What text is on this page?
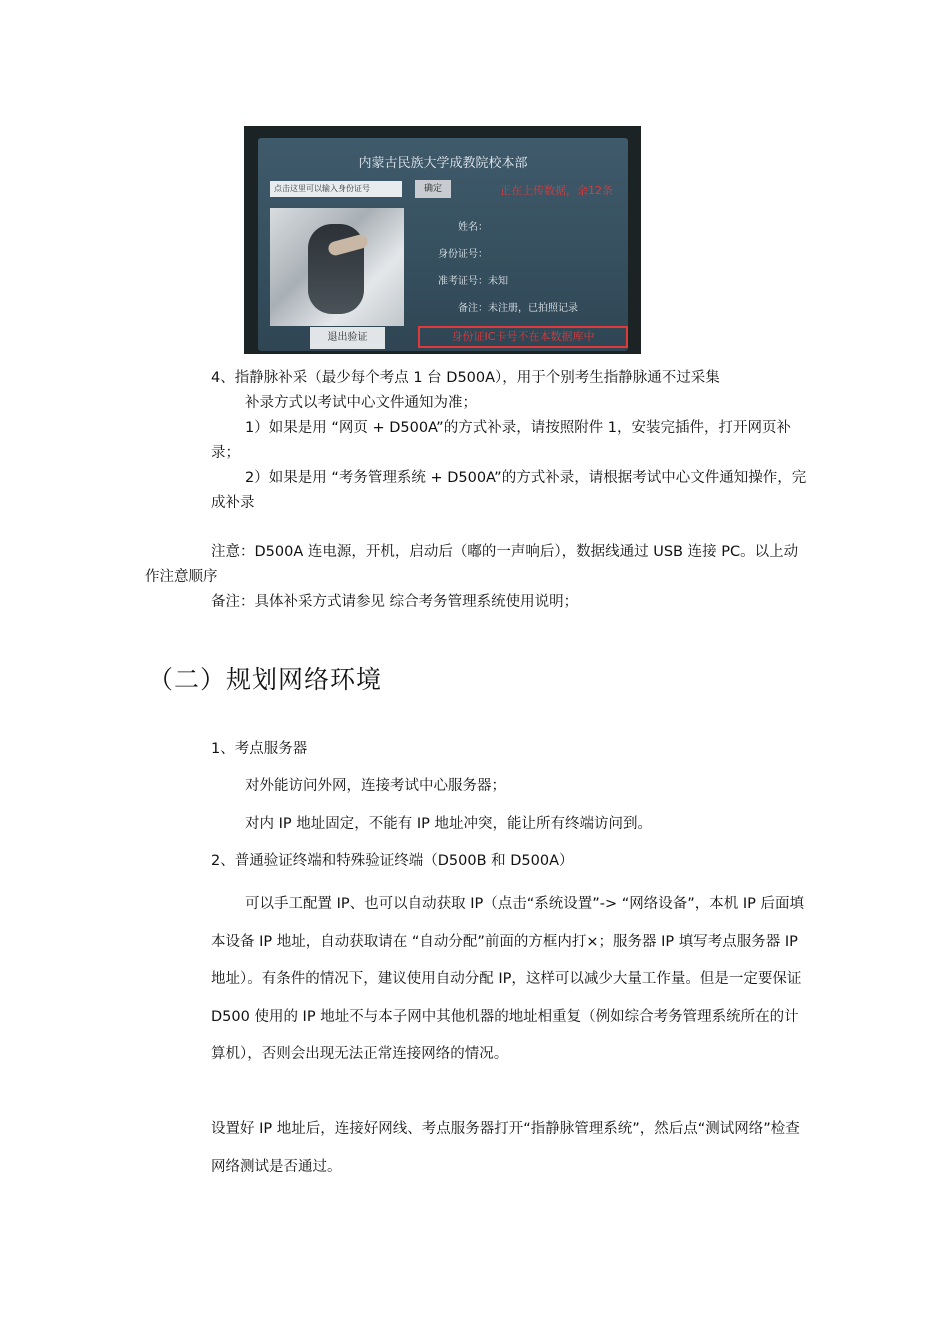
内蒙古民族大学成教院校本部
点击这里可以输入身份证号	确定	正在上传数据，余12条
姓名：
身份证号：
准考证号：未知
备注：未注册，已拍照记录
退出验证	身份证IC卡号不在本数据库中
4、指静脉补采（最少每个考点 1 台 D500A），用于个别考生指静脉通不过采集
补录方式以考试中心文件通知为准；
1）如果是用 “网页 + D500A”的方式补录，请按照附件 1，安装完插件，打开网页补录；
2）如果是用 “考务管理系统 + D500A”的方式补录，请根据考试中心文件通知操作，完成补录
注意：D500A 连电源，开机，启动后（嘟的一声响后），数据线通过 USB 连接 PC。以上动作注意顺序
备注：具体补采方式请参见 综合考务管理系统使用说明；
（二）规划网络环境
1、考点服务器
对外能访问外网，连接考试中心服务器；
对内 IP 地址固定，不能有 IP 地址冲突，能让所有终端访问到。
2、普通验证终端和特殊验证终端（D500B 和 D500A）
可以手工配置 IP、也可以自动获取 IP（点击“系统设置”-> “网络设备”，本机 IP 后面填本设备 IP 地址，自动获取请在 “自动分配”前面的方框内打×；服务器 IP 填写考点服务器 IP 地址）。有条件的情况下，建议使用自动分配 IP，这样可以减少大量工作量。但是一定要保证 D500 使用的 IP 地址不与本子网中其他机器的地址相重复（例如综合考务管理系统所在的计算机），否则会出现无法正常连接网络的情况。
设置好 IP 地址后，连接好网线、考点服务器打开“指静脉管理系统”，然后点“测试网络”检查网络测试是否通过。
